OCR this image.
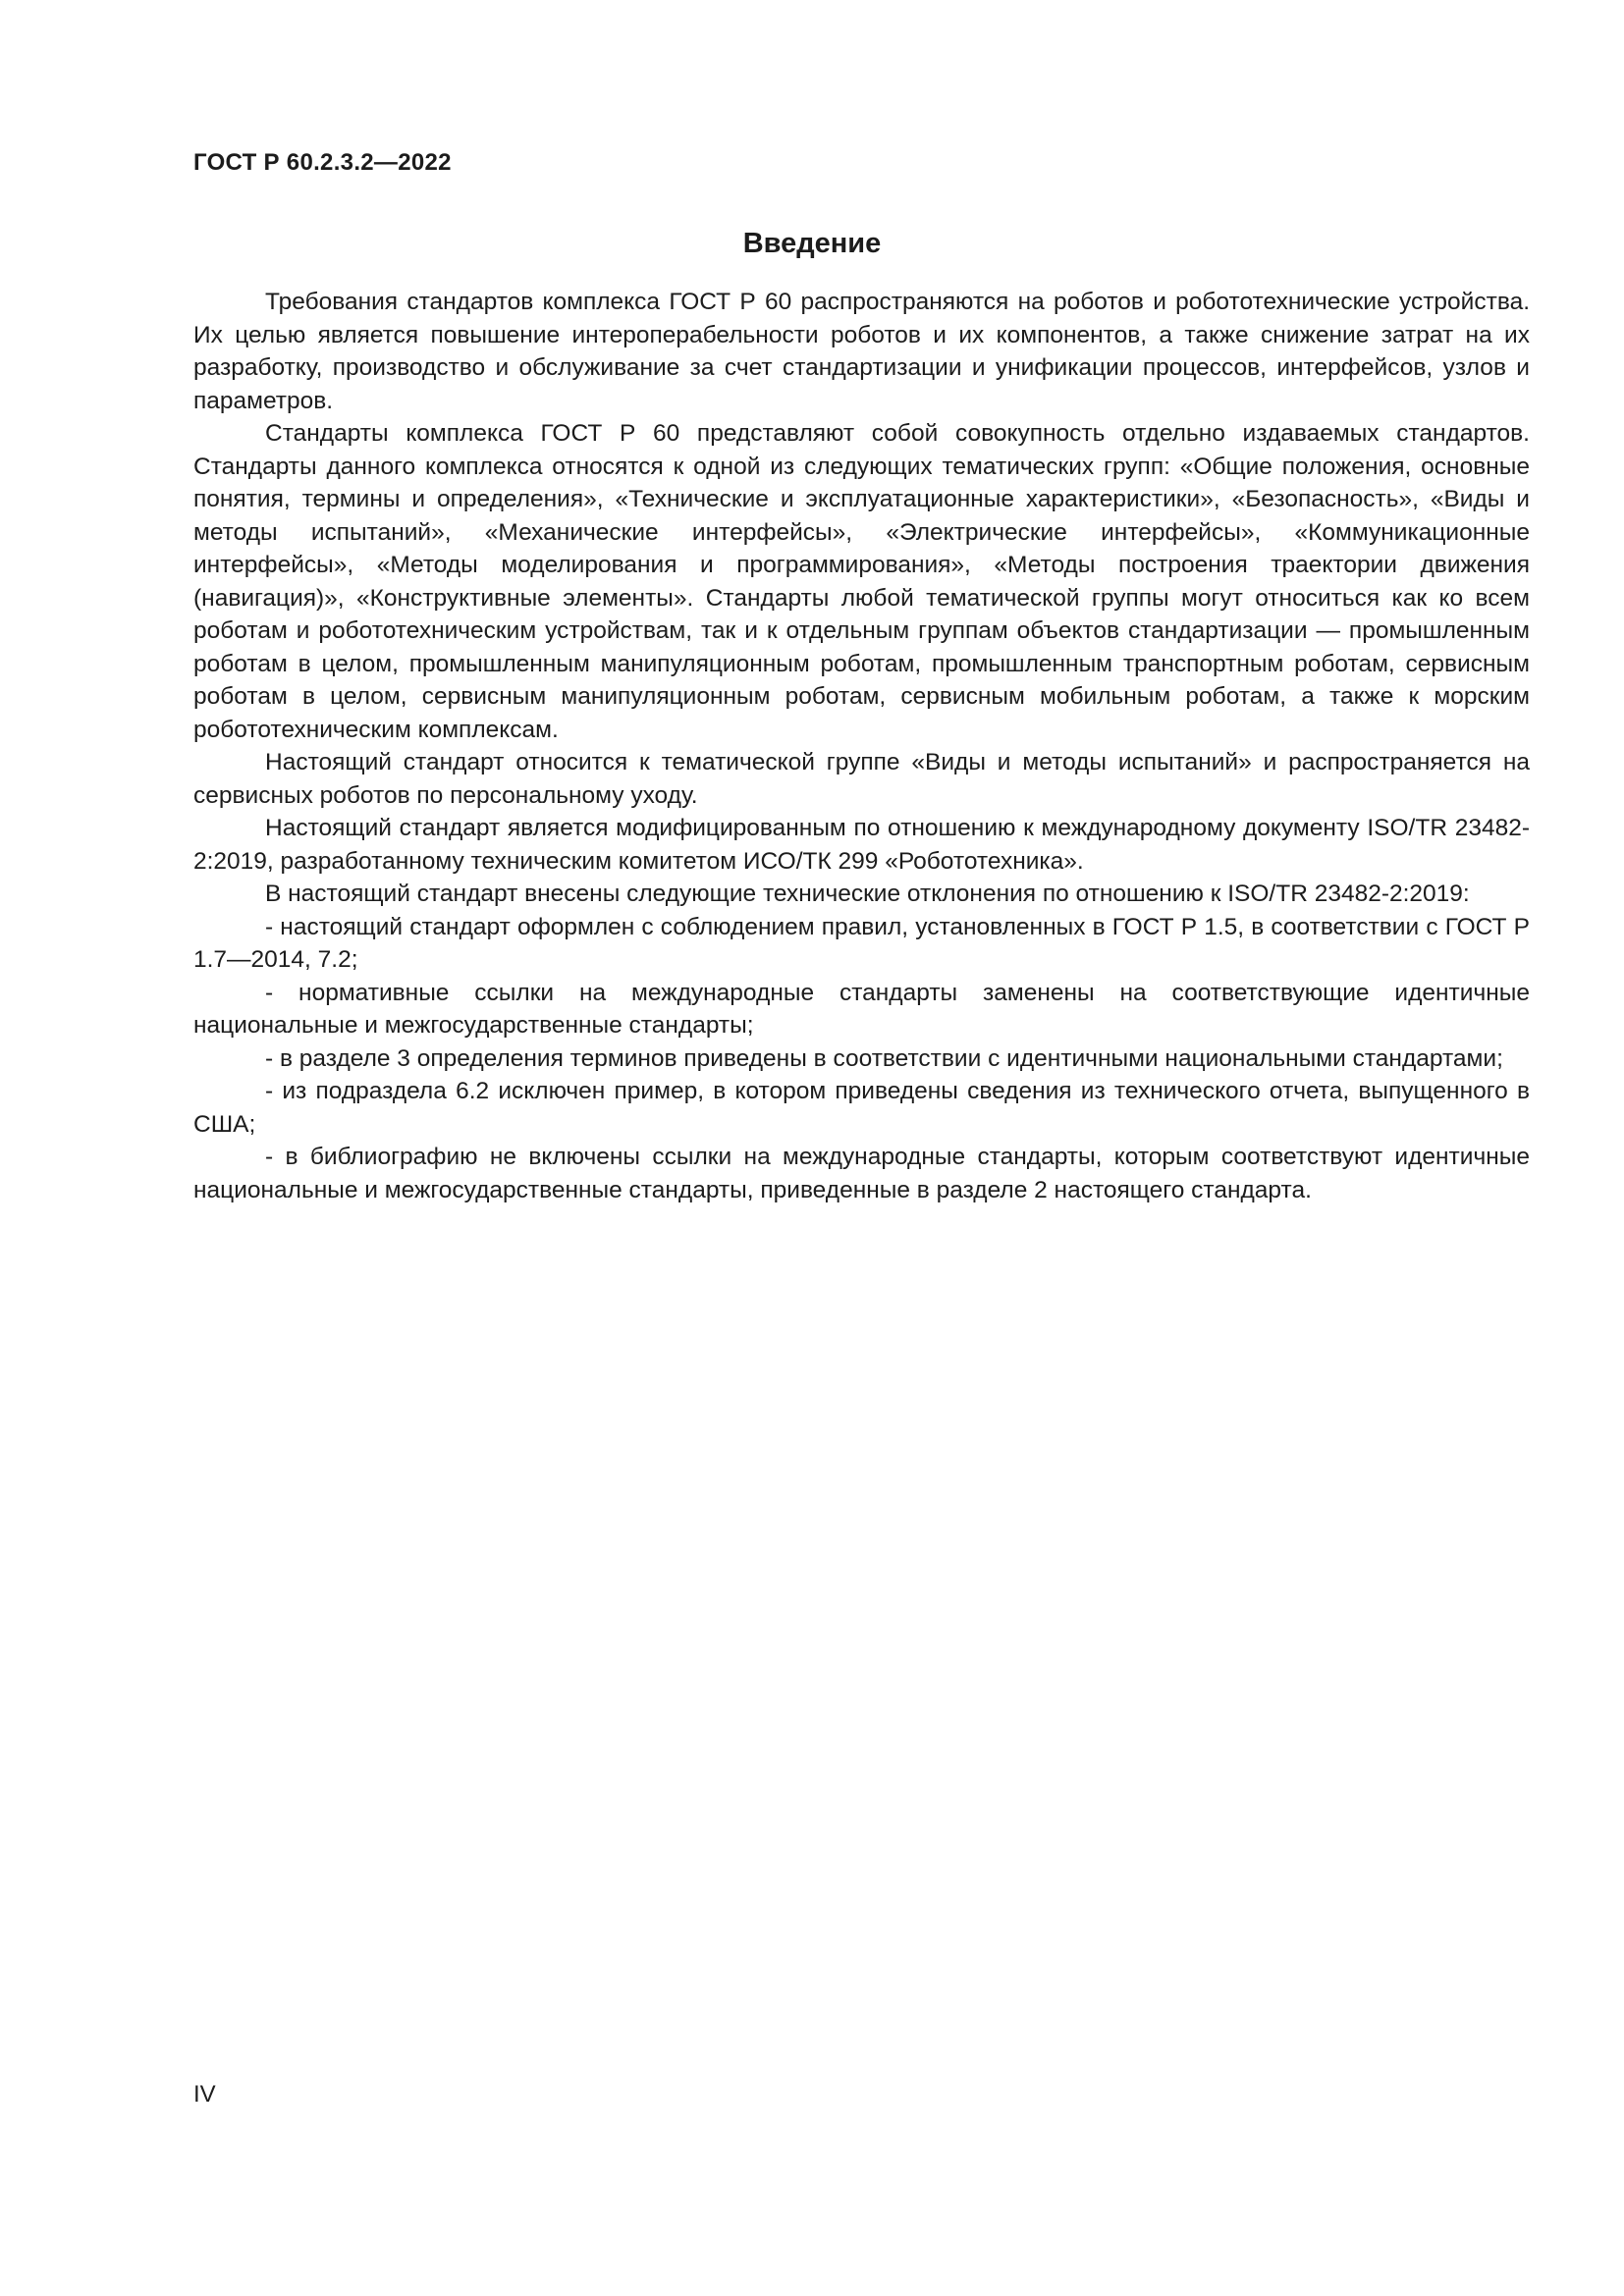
ГОСТ Р 60.2.3.2—2022
Введение

Требования стандартов комплекса ГОСТ Р 60 распространяются на роботов и робототехнические устройства. Их целью является повышение интероперабельности роботов и их компонентов, а также снижение затрат на их разработку, производство и обслуживание за счет стандартизации и унификации процессов, интерфейсов, узлов и параметров.

Стандарты комплекса ГОСТ Р 60 представляют собой совокупность отдельно издаваемых стандартов. Стандарты данного комплекса относятся к одной из следующих тематических групп: «Общие положения, основные понятия, термины и определения», «Технические и эксплуатационные характеристики», «Безопасность», «Виды и методы испытаний», «Механические интерфейсы», «Электрические интерфейсы», «Коммуникационные интерфейсы», «Методы моделирования и программирования», «Методы построения траектории движения (навигация)», «Конструктивные элементы». Стандарты любой тематической группы могут относиться как ко всем роботам и робототехническим устройствам, так и к отдельным группам объектов стандартизации — промышленным роботам в целом, промышленным манипуляционным роботам, промышленным транспортным роботам, сервисным роботам в целом, сервисным манипуляционным роботам, сервисным мобильным роботам, а также к морским робототехническим комплексам.

Настоящий стандарт относится к тематической группе «Виды и методы испытаний» и распространяется на сервисных роботов по персональному уходу.

Настоящий стандарт является модифицированным по отношению к международному документу ISO/TR 23482-2:2019, разработанному техническим комитетом ИСО/ТК 299 «Робототехника».

В настоящий стандарт внесены следующие технические отклонения по отношению к ISO/TR 23482-2:2019:

- настоящий стандарт оформлен с соблюдением правил, установленных в ГОСТ Р 1.5, в соответствии с ГОСТ Р 1.7—2014, 7.2;

- нормативные ссылки на международные стандарты заменены на соответствующие идентичные национальные и межгосударственные стандарты;

- в разделе 3 определения терминов приведены в соответствии с идентичными национальными стандартами;

- из подраздела 6.2 исключен пример, в котором приведены сведения из технического отчета, выпущенного в США;

- в библиографию не включены ссылки на международные стандарты, которым соответствуют идентичные национальные и межгосударственные стандарты, приведенные в разделе 2 настоящего стандарта.

IV
